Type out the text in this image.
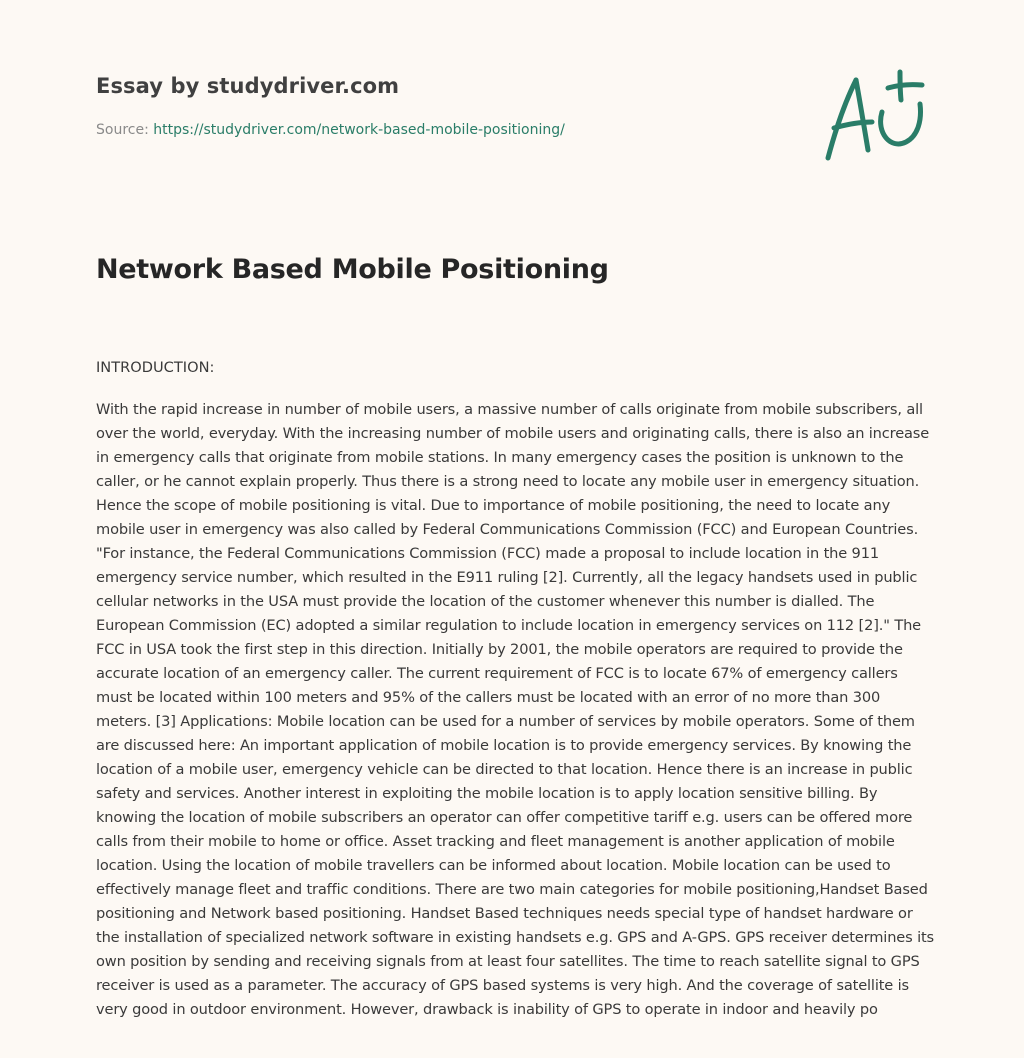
Essay by studydriver.com
Source: https://studydriver.com/network-based-mobile-positioning/
Network Based Mobile Positioning

INTRODUCTION:

With the rapid increase in number of mobile users, a massive number of calls originate from mobile subscribers, all over the world, everyday. With the increasing number of mobile users and originating calls, there is also an increase in emergency calls that originate from mobile stations. In many emergency cases the position is unknown to the caller, or he cannot explain properly. Thus there is a strong need to locate any mobile user in emergency situation. Hence the scope of mobile positioning is vital. Due to importance of mobile positioning, the need to locate any mobile user in emergency was also called by Federal Communications Commission (FCC) and European Countries. "For instance, the Federal Communications Commission (FCC) made a proposal to include location in the 911 emergency service number, which resulted in the E911 ruling [2]. Currently, all the legacy handsets used in public cellular networks in the USA must provide the location of the customer whenever this number is dialled. The European Commission (EC) adopted a similar regulation to include location in emergency services on 112 [2]." The FCC in USA took the first step in this direction. Initially by 2001, the mobile operators are required to provide the accurate location of an emergency caller. The current requirement of FCC is to locate 67% of emergency callers must be located within 100 meters and 95% of the callers must be located with an error of no more than 300 meters. [3] Applications: Mobile location can be used for a number of services by mobile operators. Some of them are discussed here: An important application of mobile location is to provide emergency services. By knowing the location of a mobile user, emergency vehicle can be directed to that location. Hence there is an increase in public safety and services. Another interest in exploiting the mobile location is to apply location sensitive billing. By knowing the location of mobile subscribers an operator can offer competitive tariff e.g. users can be offered more calls from their mobile to home or office. Asset tracking and fleet management is another application of mobile location. Using the location of mobile travellers can be informed about location. Mobile location can be used to effectively manage fleet and traffic conditions. There are two main categories for mobile positioning,Handset Based positioning and Network based positioning. Handset Based techniques needs special type of handset hardware or the installation of specialized network software in existing handsets e.g. GPS and A-GPS. GPS receiver determines its own position by sending and receiving signals from at least four satellites. The time to reach satellite signal to GPS receiver is used as a parameter. The accuracy of GPS based systems is very high. And the coverage of satellite is very good in outdoor environment. However, drawback is inability of GPS to operate in indoor and heavily po
